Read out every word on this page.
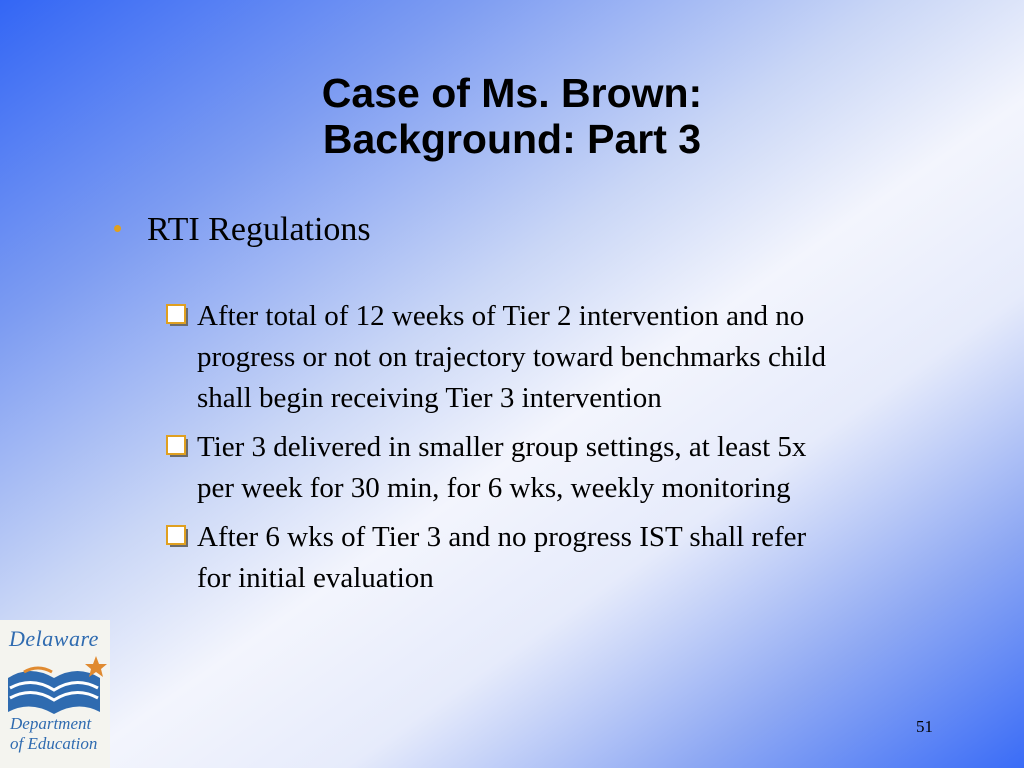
Case of Ms. Brown:
Background: Part 3
• RTI Regulations
After total of 12 weeks of Tier 2 intervention and no progress or not on trajectory toward benchmarks child shall begin receiving Tier 3 intervention
Tier 3 delivered in smaller group settings, at least 5x per week for 30 min, for 6 wks, weekly monitoring
After 6 wks of Tier 3 and no progress IST shall refer for initial evaluation
Delaware
Department
of Education
51
